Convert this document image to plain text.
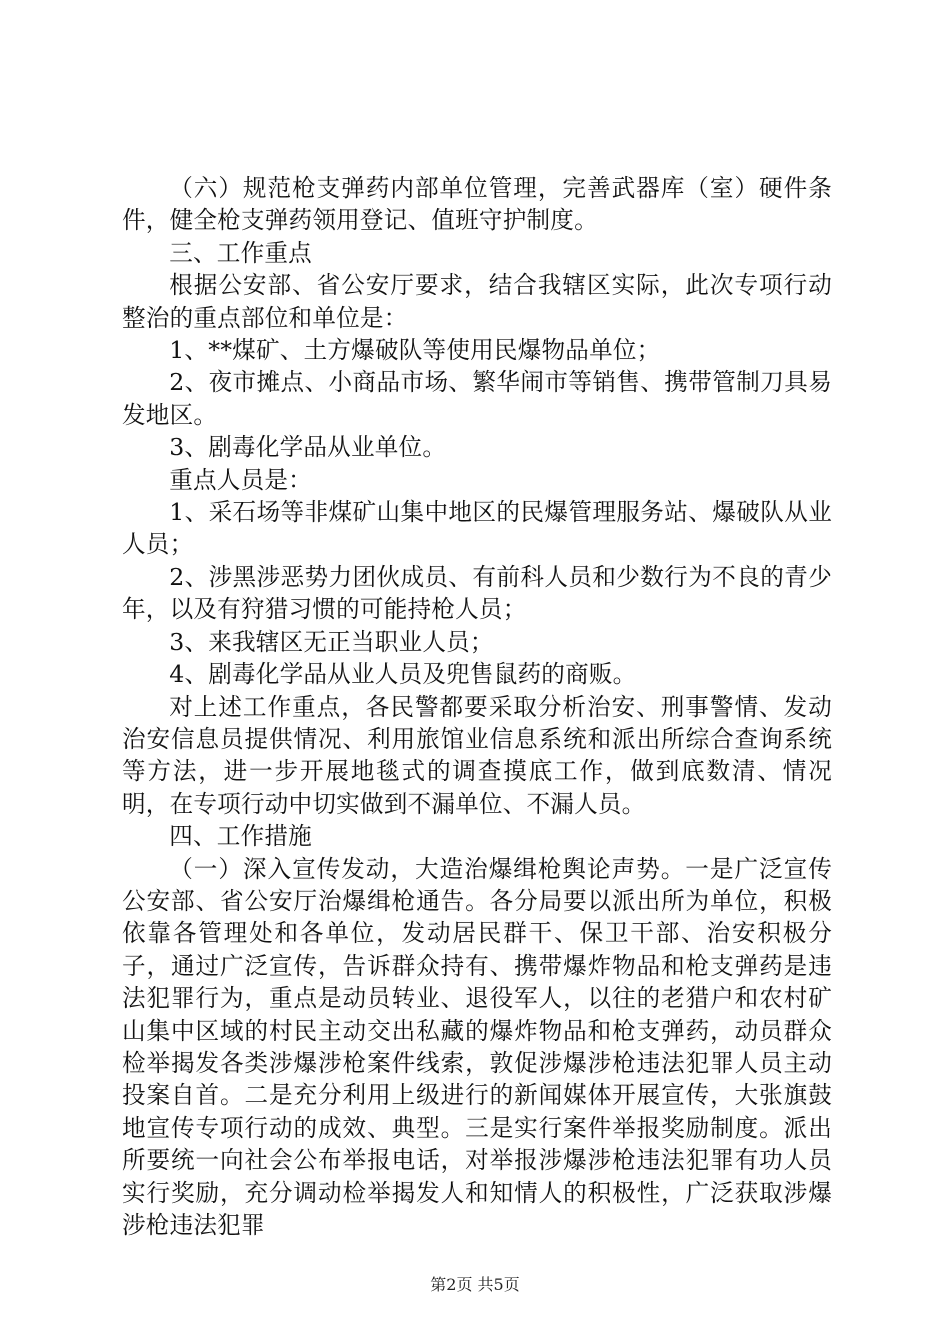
（六）规范枪支弹药内部单位管理，完善武器库（室）硬件条件，健全枪支弹药领用登记、值班守护制度。

三、工作重点

根据公安部、省公安厅要求，结合我辖区实际，此次专项行动整治的重点部位和单位是：

1、**煤矿、土方爆破队等使用民爆物品单位；

2、夜市摊点、小商品市场、繁华闹市等销售、携带管制刀具易发地区。

3、剧毒化学品从业单位。

重点人员是：

1、采石场等非煤矿山集中地区的民爆管理服务站、爆破队从业人员；

2、涉黑涉恶势力团伙成员、有前科人员和少数行为不良的青少年，以及有狩猎习惯的可能持枪人员；

3、来我辖区无正当职业人员；

4、剧毒化学品从业人员及兜售鼠药的商贩。

对上述工作重点，各民警都要采取分析治安、刑事警情、发动治安信息员提供情况、利用旅馆业信息系统和派出所综合查询系统等方法，进一步开展地毯式的调查摸底工作，做到底数清、情况明，在专项行动中切实做到不漏单位、不漏人员。

四、工作措施

（一）深入宣传发动，大造治爆缉枪舆论声势。一是广泛宣传公安部、省公安厅治爆缉枪通告。各分局要以派出所为单位，积极依靠各管理处和各单位，发动居民群干、保卫干部、治安积极分子，通过广泛宣传，告诉群众持有、携带爆炸物品和枪支弹药是违法犯罪行为，重点是动员转业、退役军人，以往的老猎户和农村矿山集中区域的村民主动交出私藏的爆炸物品和枪支弹药，动员群众检举揭发各类涉爆涉枪案件线索，敦促涉爆涉枪违法犯罪人员主动投案自首。二是充分利用上级进行的新闻媒体开展宣传，大张旗鼓地宣传专项行动的成效、典型。三是实行案件举报奖励制度。派出所要统一向社会公布举报电话，对举报涉爆涉枪违法犯罪有功人员实行奖励，充分调动检举揭发人和知情人的积极性，广泛获取涉爆涉枪违法犯罪

第2页 共5页
